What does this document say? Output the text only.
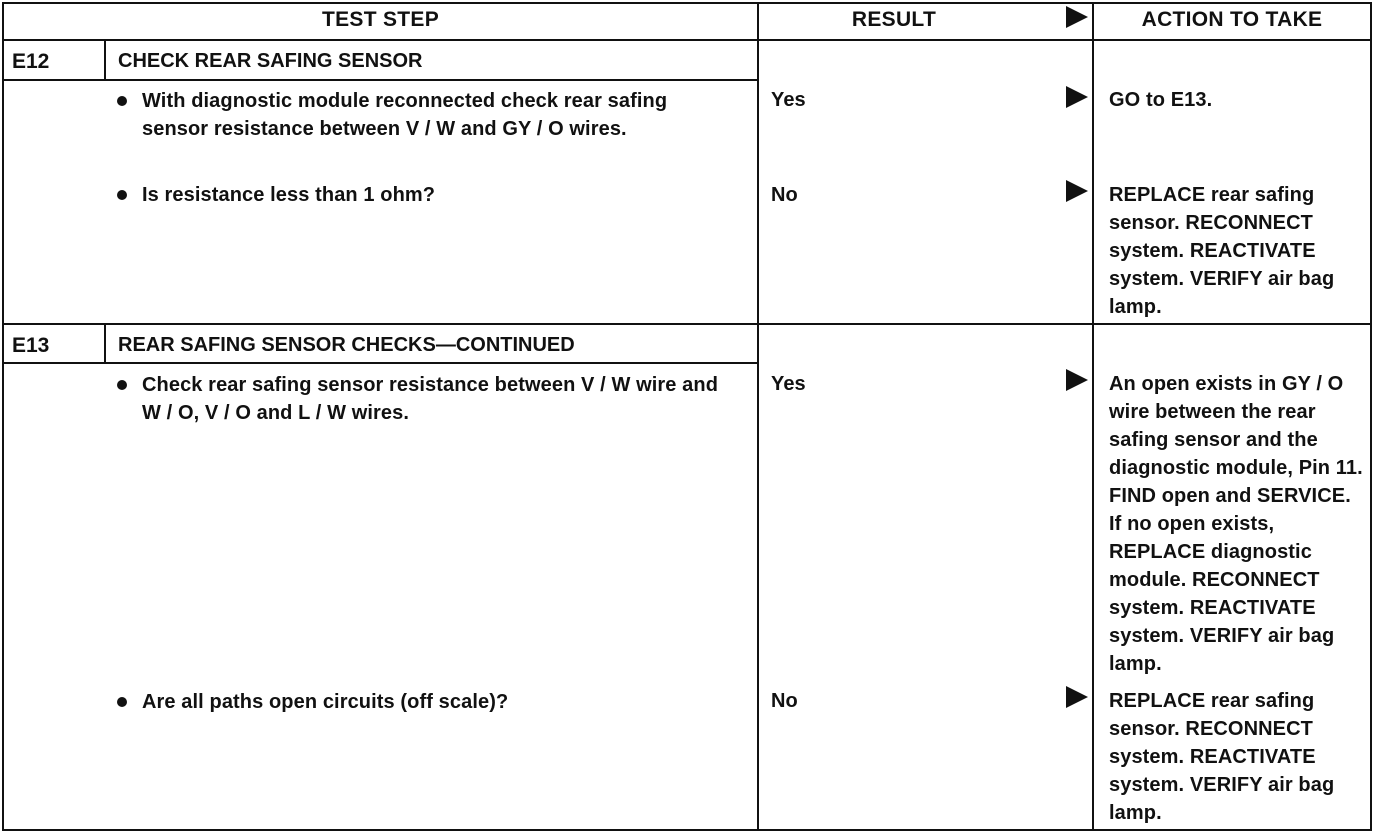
TEST STEP	RESULT	ACTION TO TAKE
E12	CHECK REAR SAFING SENSOR
With diagnostic module reconnected check rear safing sensor resistance between V / W and GY / O wires.
Is resistance less than 1 ohm?
Yes	GO to E13.
No	REPLACE rear safing sensor. RECONNECT system. REACTIVATE system. VERIFY air bag lamp.
E13	REAR SAFING SENSOR CHECKS—CONTINUED
Check rear safing sensor resistance between V / W wire and W / O, V / O and L / W wires.
Are all paths open circuits (off scale)?
Yes	An open exists in GY / O wire between the rear safing sensor and the diagnostic module, Pin 11. FIND open and SERVICE. If no open exists, REPLACE diagnostic module. RECONNECT system. REACTIVATE system. VERIFY air bag lamp.
No	REPLACE rear safing sensor. RECONNECT system. REACTIVATE system. VERIFY air bag lamp.
